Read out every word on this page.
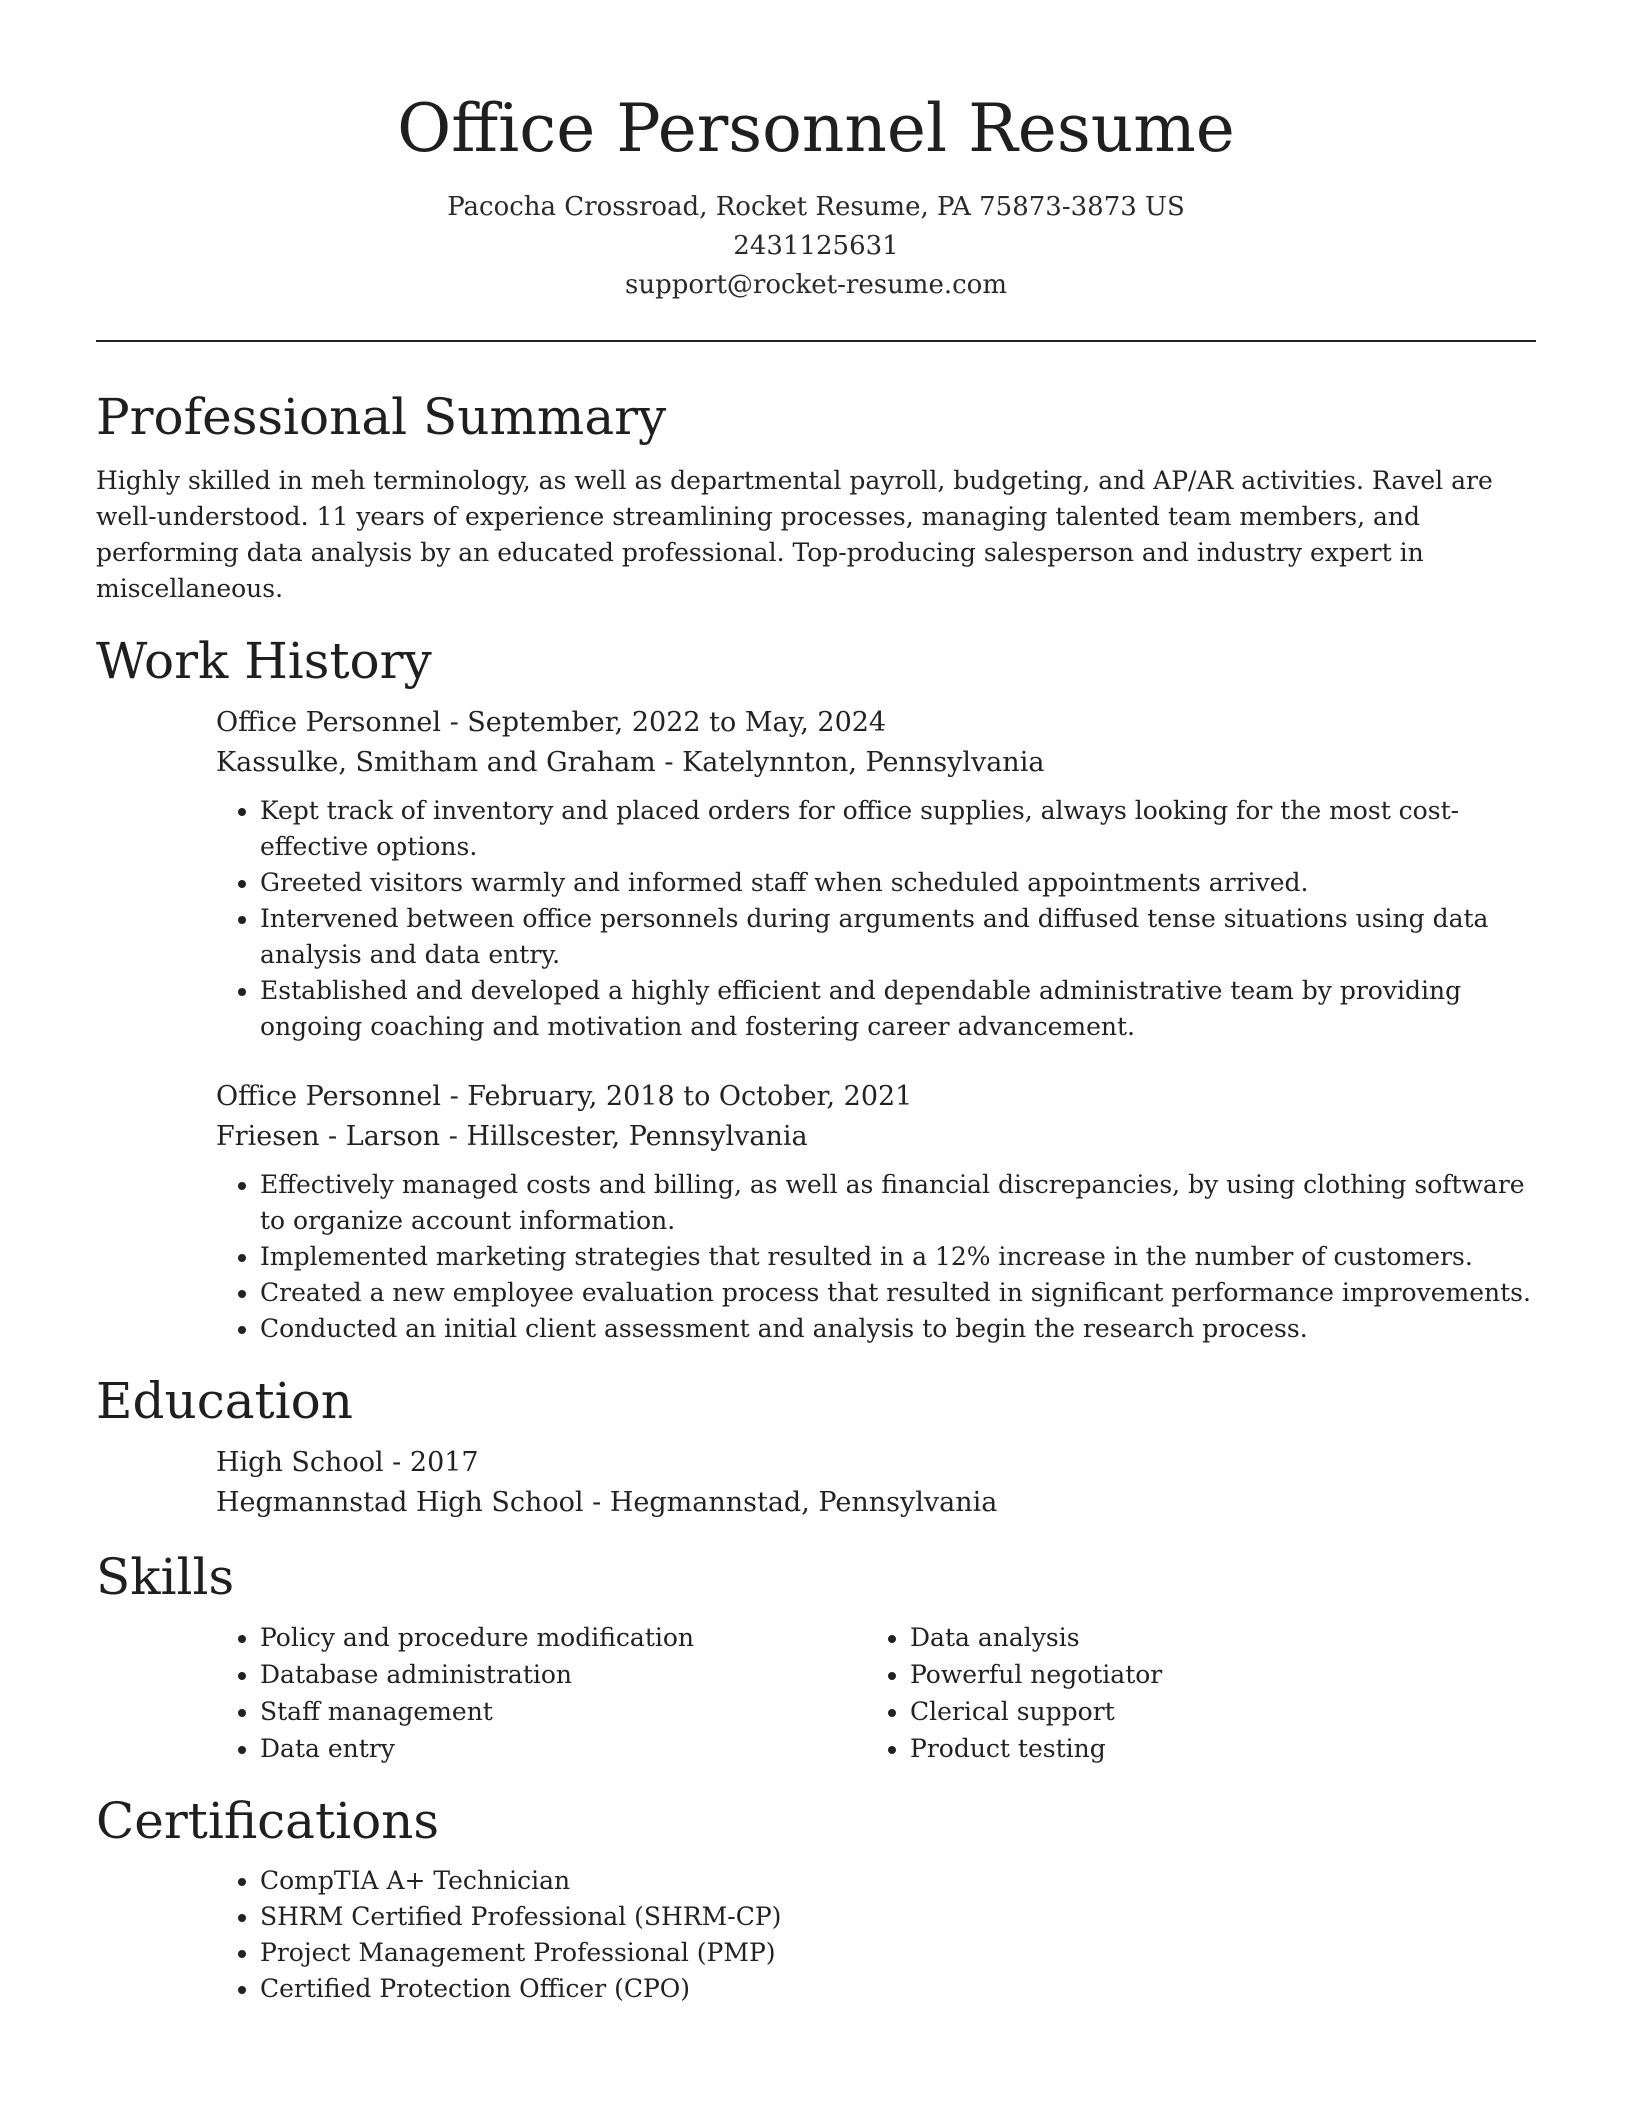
Office Personnel Resume
Pacocha Crossroad, Rocket Resume, PA 75873-3873 US
2431125631
support@rocket-resume.com
Professional Summary

Highly skilled in meh terminology, as well as departmental payroll, budgeting, and AP/AR activities. Ravel are well-understood. 11 years of experience streamlining processes, managing talented team members, and performing data analysis by an educated professional. Top-producing salesperson and industry expert in miscellaneous.

Work History

Office Personnel - September, 2022 to May, 2024

Kassulke, Smitham and Graham - Katelynnton, Pennsylvania

• Kept track of inventory and placed orders for office supplies, always looking for the most cost-effective options.
• Greeted visitors warmly and informed staff when scheduled appointments arrived.
• Intervened between office personnels during arguments and diffused tense situations using data analysis and data entry.
• Established and developed a highly efficient and dependable administrative team by providing ongoing coaching and motivation and fostering career advancement.

Office Personnel - February, 2018 to October, 2021

Friesen - Larson - Hillscester, Pennsylvania

• Effectively managed costs and billing, as well as financial discrepancies, by using clothing software to organize account information.
• Implemented marketing strategies that resulted in a 12% increase in the number of customers.
• Created a new employee evaluation process that resulted in significant performance improvements.
• Conducted an initial client assessment and analysis to begin the research process.
Education

High School - 2017

Hegmannstad High School - Hegmannstad, Pennsylvania

Skills
• Policy and procedure modification
• Database administration
• Staff management
• Data entry
• Data analysis
• Powerful negotiator
• Clerical support
• Product testing
Certifications
• CompTIA A+ Technician
• SHRM Certified Professional (SHRM-CP)
• Project Management Professional (PMP)
• Certified Protection Officer (CPO)
